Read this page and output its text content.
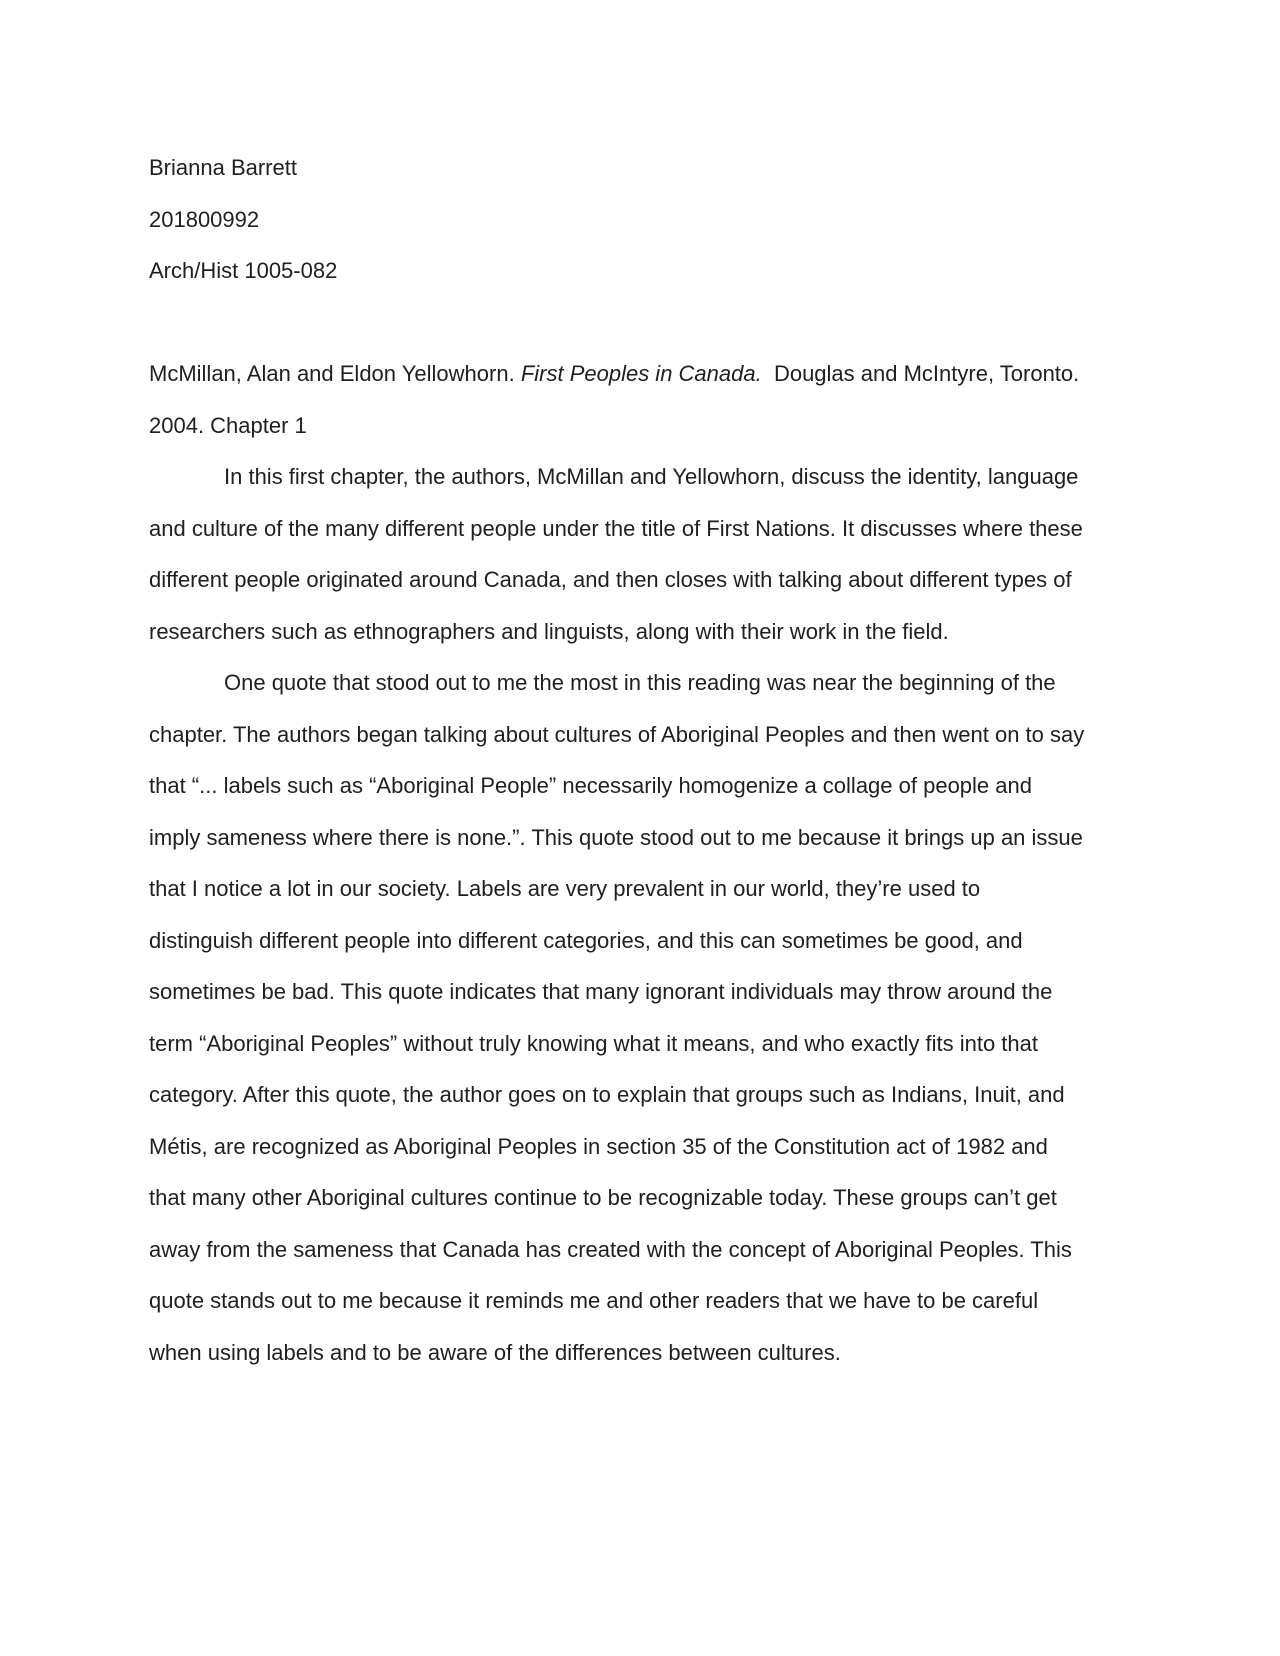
Brianna Barrett
201800992
Arch/Hist 1005-082
McMillan, Alan and Eldon Yellowhorn. First Peoples in Canada. Douglas and McIntyre, Toronto.
2004. Chapter 1
In this first chapter, the authors, McMillan and Yellowhorn, discuss the identity, language
and culture of the many different people under the title of First Nations. It discusses where these
different people originated around Canada, and then closes with talking about different types of
researchers such as ethnographers and linguists, along with their work in the field.
One quote that stood out to me the most in this reading was near the beginning of the
chapter. The authors began talking about cultures of Aboriginal Peoples and then went on to say
that “... labels such as “Aboriginal People” necessarily homogenize a collage of people and
imply sameness where there is none.”. This quote stood out to me because it brings up an issue
that I notice a lot in our society. Labels are very prevalent in our world, they’re used to
distinguish different people into different categories, and this can sometimes be good, and
sometimes be bad. This quote indicates that many ignorant individuals may throw around the
term “Aboriginal Peoples” without truly knowing what it means, and who exactly fits into that
category. After this quote, the author goes on to explain that groups such as Indians, Inuit, and
Métis, are recognized as Aboriginal Peoples in section 35 of the Constitution act of 1982 and
that many other Aboriginal cultures continue to be recognizable today. These groups can’t get
away from the sameness that Canada has created with the concept of Aboriginal Peoples. This
quote stands out to me because it reminds me and other readers that we have to be careful
when using labels and to be aware of the differences between cultures.
